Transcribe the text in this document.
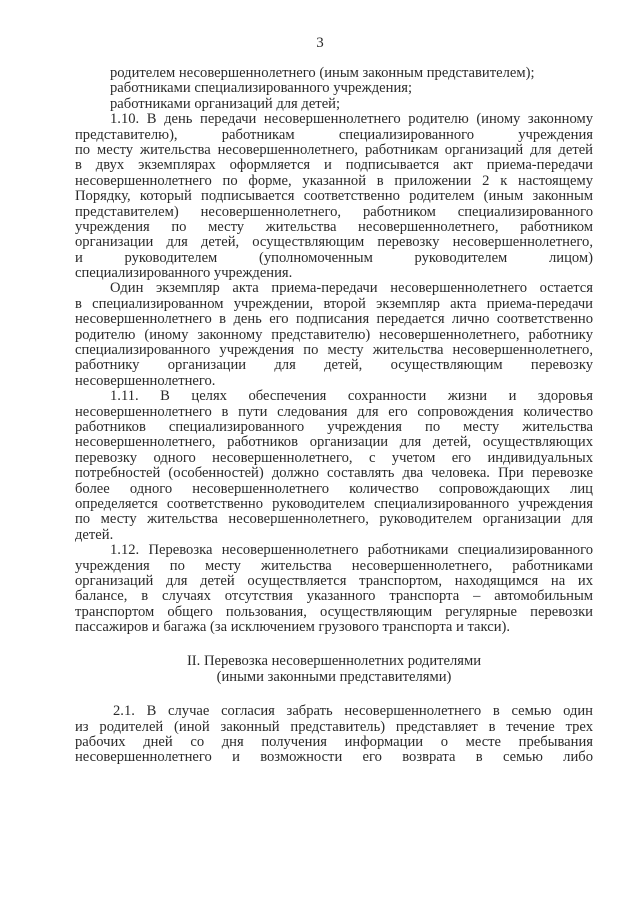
3
родителем несовершеннолетнего (иным законным представителем);
работниками специализированного учреждения;
работниками организаций для детей;
1.10. В день передачи несовершеннолетнего родителю (иному законному
представителю), работникам специализированного учреждения
по месту жительства несовершеннолетнего, работникам организаций для детей
в двух экземплярах оформляется и подписывается акт приема-передачи
несовершеннолетнего по форме, указанной в приложении 2 к настоящему
Порядку, который подписывается соответственно родителем (иным законным
представителем) несовершеннолетнего, работником специализированного
учреждения по месту жительства несовершеннолетнего, работником
организации для детей, осуществляющим перевозку несовершеннолетнего,
и руководителем (уполномоченным руководителем лицом)
специализированного учреждения.
Один экземпляр акта приема-передачи несовершеннолетнего остается
в специализированном учреждении, второй экземпляр акта приема-передачи
несовершеннолетнего в день его подписания передается лично соответственно
родителю (иному законному представителю) несовершеннолетнего, работнику
специализированного учреждения по месту жительства несовершеннолетнего,
работнику организации для детей, осуществляющим перевозку
несовершеннолетнего.
1.11. В целях обеспечения сохранности жизни и здоровья
несовершеннолетнего в пути следования для его сопровождения количество
работников специализированного учреждения по месту жительства
несовершеннолетнего, работников организации для детей, осуществляющих
перевозку одного несовершеннолетнего, с учетом его индивидуальных
потребностей (особенностей) должно составлять два человека. При перевозке
более одного несовершеннолетнего количество сопровождающих лиц
определяется соответственно руководителем специализированного учреждения
по месту жительства несовершеннолетнего, руководителем организации для
детей.
1.12. Перевозка несовершеннолетнего работниками специализированного
учреждения по месту жительства несовершеннолетнего, работниками
организаций для детей осуществляется транспортом, находящимся на их
балансе, в случаях отсутствия указанного транспорта – автомобильным
транспортом общего пользования, осуществляющим регулярные перевозки
пассажиров и багажа (за исключением грузового транспорта и такси).
II. Перевозка несовершеннолетних родителями
(иными законными представителями)
2.1. В случае согласия забрать несовершеннолетнего в семью один
из родителей (иной законный представитель) представляет в течение трех
рабочих дней со дня получения информации о месте пребывания
несовершеннолетнего и возможности его возврата в семью либо
